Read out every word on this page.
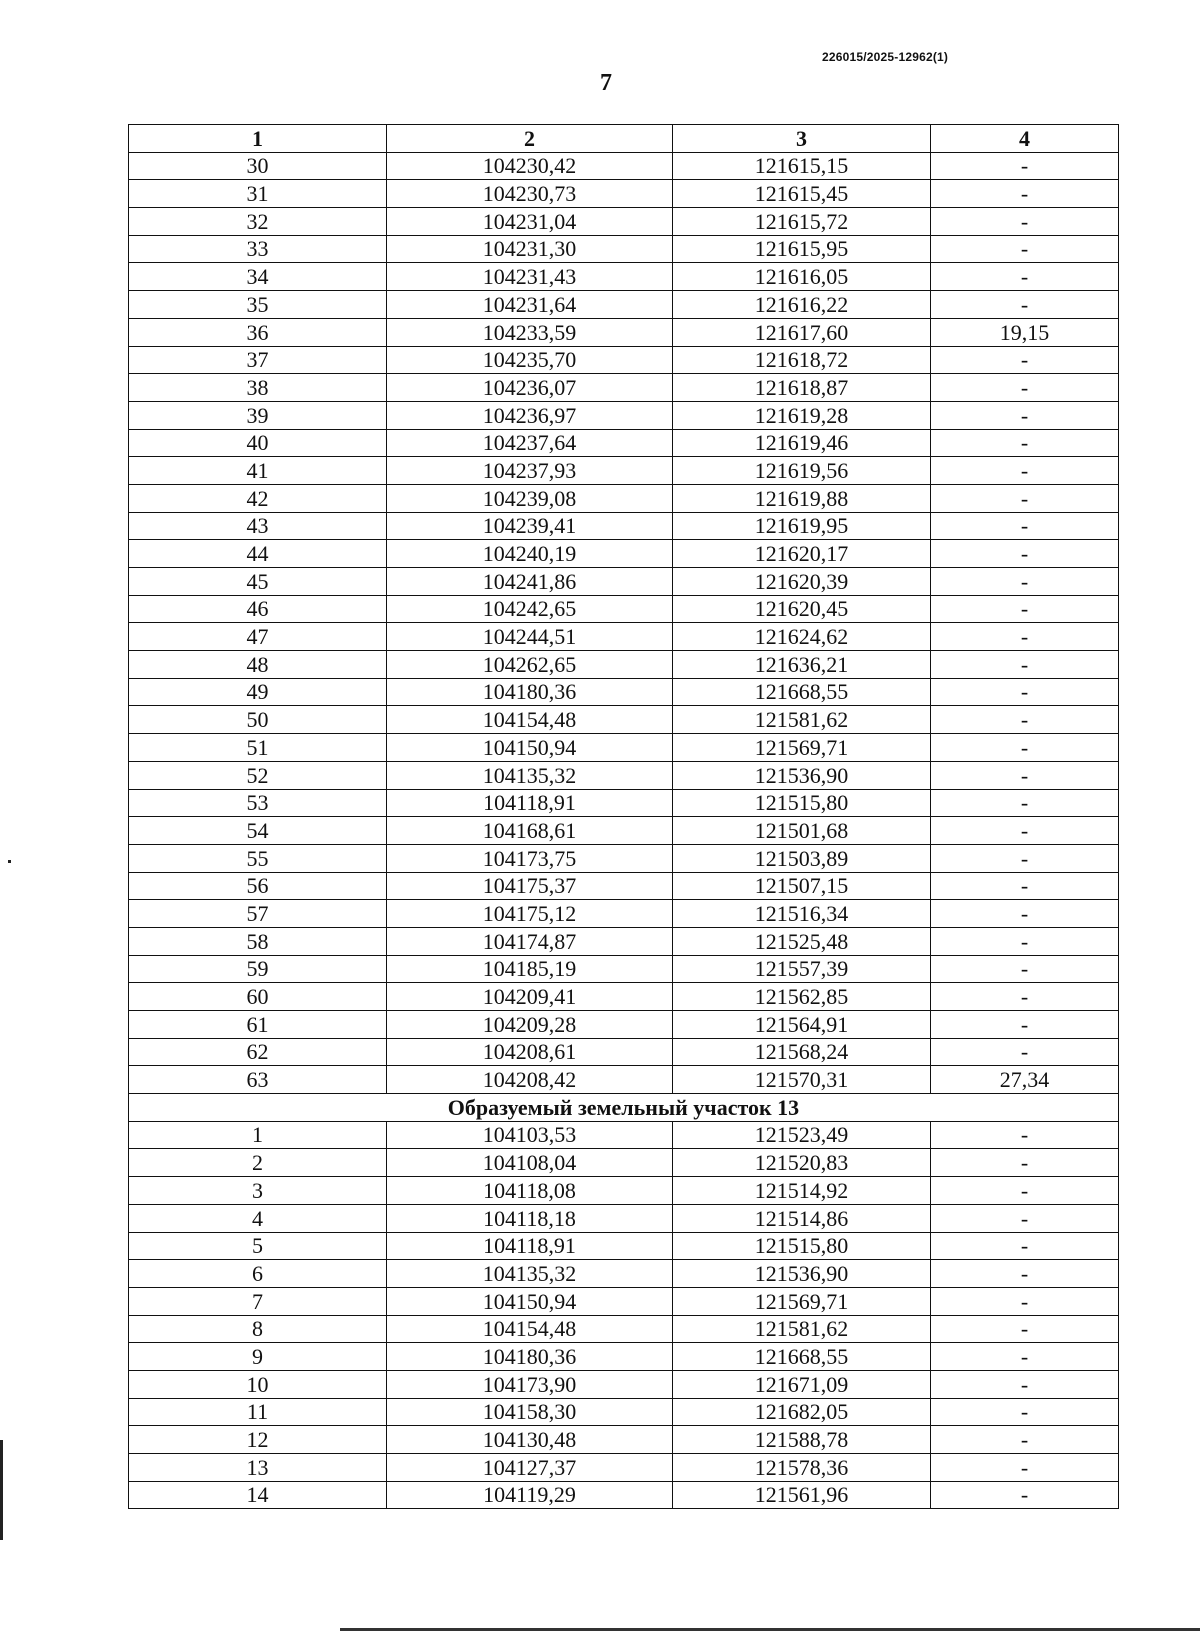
226015/2025-12962(1)
7
1	2	3	4
30	104230,42	121615,15	-
31	104230,73	121615,45	-
32	104231,04	121615,72	-
33	104231,30	121615,95	-
34	104231,43	121616,05	-
35	104231,64	121616,22	-
36	104233,59	121617,60	19,15
37	104235,70	121618,72	-
38	104236,07	121618,87	-
39	104236,97	121619,28	-
40	104237,64	121619,46	-
41	104237,93	121619,56	-
42	104239,08	121619,88	-
43	104239,41	121619,95	-
44	104240,19	121620,17	-
45	104241,86	121620,39	-
46	104242,65	121620,45	-
47	104244,51	121624,62	-
48	104262,65	121636,21	-
49	104180,36	121668,55	-
50	104154,48	121581,62	-
51	104150,94	121569,71	-
52	104135,32	121536,90	-
53	104118,91	121515,80	-
54	104168,61	121501,68	-
55	104173,75	121503,89	-
56	104175,37	121507,15	-
57	104175,12	121516,34	-
58	104174,87	121525,48	-
59	104185,19	121557,39	-
60	104209,41	121562,85	-
61	104209,28	121564,91	-
62	104208,61	121568,24	-
63	104208,42	121570,31	27,34
Образуемый земельный участок 13			
1	104103,53	121523,49	-
2	104108,04	121520,83	-
3	104118,08	121514,92	-
4	104118,18	121514,86	-
5	104118,91	121515,80	-
6	104135,32	121536,90	-
7	104150,94	121569,71	-
8	104154,48	121581,62	-
9	104180,36	121668,55	-
10	104173,90	121671,09	-
11	104158,30	121682,05	-
12	104130,48	121588,78	-
13	104127,37	121578,36	-
14	104119,29	121561,96	-
